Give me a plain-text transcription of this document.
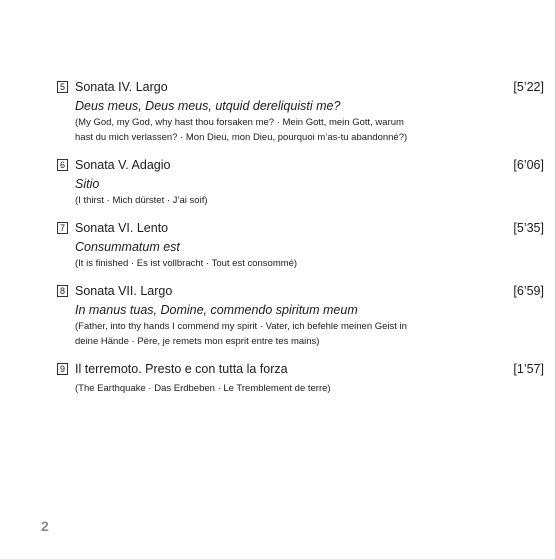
5 Sonata IV. Largo	[5’22]
Deus meus, Deus meus, utquid dereliquisti me?
(My God, my God, why hast thou forsaken me? · Mein Gott, mein Gott, warum
hast du mich verlassen? · Mon Dieu, mon Dieu, pourquoi m’as-tu abandonné?)
6 Sonata V. Adagio	[6’06]
Sitio
(I thirst · Mich dürstet · J’ai soif)
7 Sonata VI. Lento	[5’35]
Consummatum est
(It is finished · Es ist vollbracht · Tout est consommé)
8 Sonata VII. Largo	[6’59]
In manus tuas, Domine, commendo spiritum meum
(Father, into thy hands I commend my spirit · Vater, ich befehle meinen Geist in
deine Hände · Père, je remets mon esprit entre tes mains)
9 Il terremoto. Presto e con tutta la forza	[1’57]
(The Earthquake · Das Erdbeben · Le Tremblement de terre)
2
